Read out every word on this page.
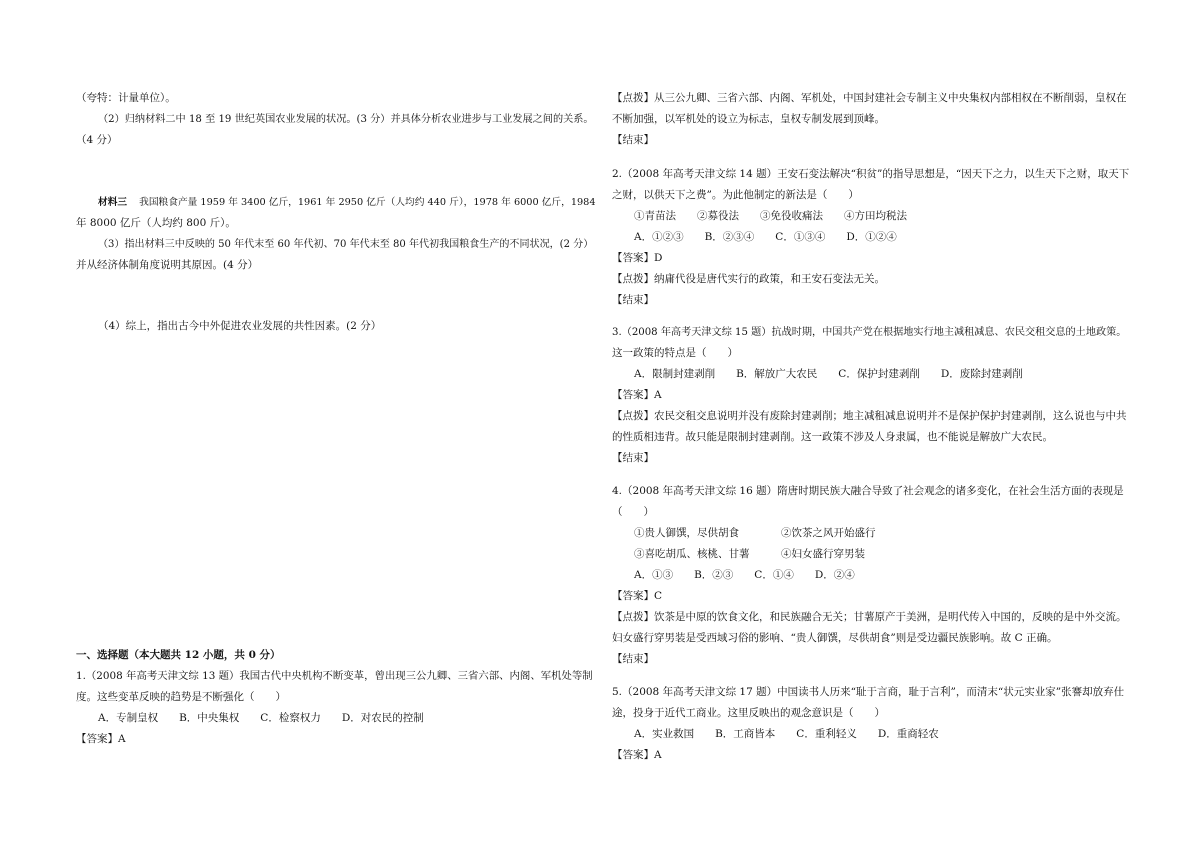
（夸特：计量单位）。

（2）归纳材料二中 18 至 19 世纪英国农业发展的状况。(3 分）并具体分析农业进步与工业发展之间的关系。

（4 分）

材料三 我国粮食产量 1959 年 3400 亿斤，1961 年 2950 亿斤（人均约 440 斤），1978 年 6000 亿斤，1984

年 8000 亿斤（人均约 800 斤）。

（3）指出材料三中反映的 50 年代末至 60 年代初、70 年代末至 80 年代初我国粮食生产的不同状况，(2 分）

并从经济体制角度说明其原因。(4 分）

（4）综上，指出古今中外促进农业发展的共性因素。(2 分）

一、选择题（本大题共 12 小题，共 0 分）

1.（2008 年高考天津文综 13 题）我国古代中央机构不断变革，曾出现三公九卿、三省六部、内阁、军机处等制

度。这些变革反映的趋势是不断强化（　　）

A．专制皇权　　B．中央集权　　C．检察权力　　D．对农民的控制

【答案】A

【点拨】从三公九卿、三省六部、内阁、军机处，中国封建社会专制主义中央集权内部相权在不断削弱，皇权在

不断加强，以军机处的设立为标志，皇权专制发展到顶峰。

【结束】

2.（2008 年高考天津文综 14 题）王安石变法解决“积贫”的指导思想是，“因天下之力，以生天下之财，取天下

之财，以供天下之费”。为此他制定的新法是（　　）

①青苗法　　②募役法　　③免役收痛法　　④方田均税法

A．①②③　　B．②③④　　C．①③④　　D．①②④

【答案】D

【点拨】纳庸代役是唐代实行的政策，和王安石变法无关。

【结束】

3.（2008 年高考天津文综 15 题）抗战时期，中国共产党在根据地实行地主减租减息、农民交租交息的土地政策。

这一政策的特点是（　　）

A．限制封建剥削　　B．解放广大农民　　C．保护封建剥削　　D．废除封建剥削

【答案】A

【点拨】农民交租交息说明并没有废除封建剥削；地主减租减息说明并不是保护保护封建剥削，这么说也与中共

的性质相违背。故只能是限制封建剥削。这一政策不涉及人身隶属，也不能说是解放广大农民。

【结束】

4.（2008 年高考天津文综 16 题）隋唐时期民族大融合导致了社会观念的诸多变化，在社会生活方面的表现是

（　　）

①贵人御馔，尽供胡食　　　　②饮茶之风开始盛行

③喜吃胡瓜、核桃、甘薯　　　④妇女盛行穿男装

A．①③　　B．②③　　C．①④　　D．②④

【答案】C

【点拨】饮茶是中原的饮食文化，和民族融合无关；甘薯原产于美洲，是明代传入中国的，反映的是中外交流。

妇女盛行穿男装是受西域习俗的影响、“贵人御馔，尽供胡食”则是受边疆民族影响。故 C 正确。

【结束】

5.（2008 年高考天津文综 17 题）中国读书人历来“耻于言商，耻于言利”，而清末“状元实业家”张謇却放弃仕

途，投身于近代工商业。这里反映出的观念意识是（　　）

A．实业救国　　B．工商皆本　　C．重利轻义　　D．重商轻农

【答案】A
